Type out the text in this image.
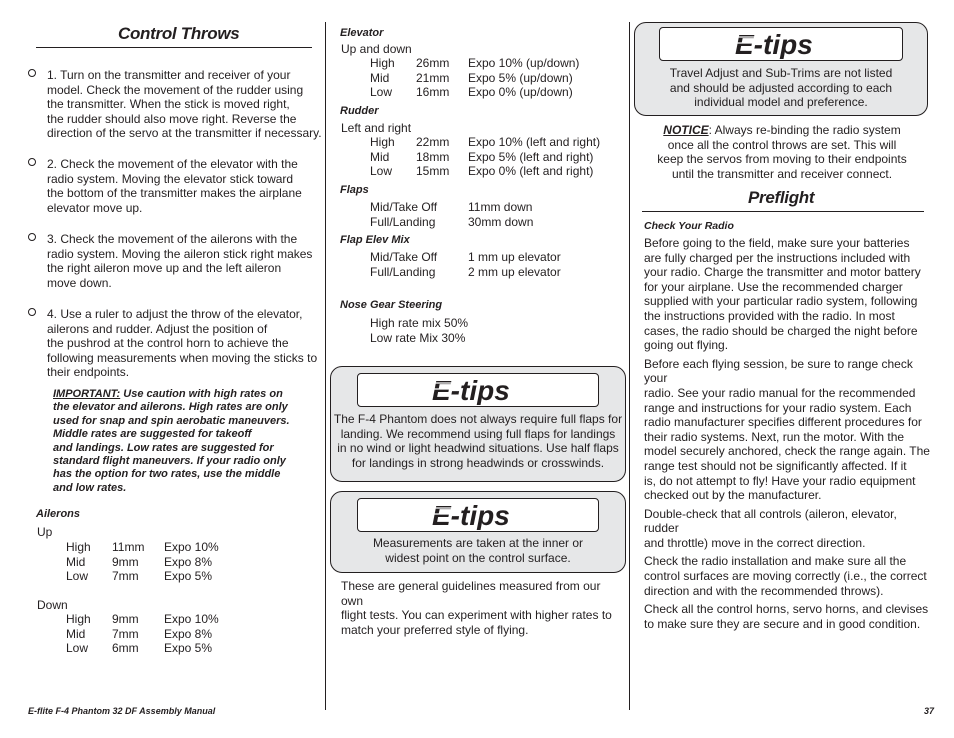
Control Throws
1. Turn on the transmitter and receiver of your
model. Check the movement of the rudder using
the transmitter. When the stick is moved right,
the rudder should also move right. Reverse the
direction of the servo at the transmitter if necessary.
2. Check the movement of the elevator with the
radio system. Moving the elevator stick toward
the bottom of the transmitter makes the airplane
elevator move up.
3. Check the movement of the ailerons with the
radio system. Moving the aileron stick right makes
the right aileron move up and the left aileron
move down.
4. Use a ruler to adjust the throw of the elevator,
ailerons and rudder. Adjust the position of
the pushrod at the control horn to achieve the
following measurements when moving the sticks to
their endpoints.
IMPORTANT: Use caution with high rates on
the elevator and ailerons. High rates are only
used for snap and spin aerobatic maneuvers.
Middle rates are suggested for takeoff
and landings. Low rates are suggested for
standard flight maneuvers. If your radio only
has the option for two rates, use the middle
and low rates.
Ailerons
Up
High	11mm	Expo 10%
Mid	9mm	Expo 8%
Low	7mm	Expo 5%
Down
High	9mm	Expo 10%
Mid	7mm	Expo 8%
Low	6mm	Expo 5%
Elevator
Up and down
High	26mm	Expo 10% (up/down)
Mid	21mm	Expo 5% (up/down)
Low	16mm	Expo 0% (up/down)
Rudder
Left and right
High	22mm	Expo 10% (left and right)
Mid	18mm	Expo 5% (left and right)
Low	15mm	Expo 0% (left and right)
Flaps
Mid/Take Off	11mm down
Full/Landing	30mm down
Flap Elev Mix
Mid/Take Off	1 mm up elevator
Full/Landing	2 mm up elevator
Nose Gear Steering
High rate mix 50%
Low rate Mix 30%
E-tips
The F-4 Phantom does not always require full flaps for
landing. We recommend using full flaps for landings
in no wind or light headwind situations. Use half flaps
for landings in strong headwinds or crosswinds.
E-tips
Measurements are taken at the inner or
widest point on the control surface.
These are general guidelines measured from our own
flight tests. You can experiment with higher rates to
match your preferred style of flying.
E-tips
Travel Adjust and Sub-Trims are not listed
and should be adjusted according to each
individual model and preference.
NOTICE: Always re-binding the radio system
once all the control throws are set. This will
keep the servos from moving to their endpoints
until the transmitter and receiver connect.
Preflight
Check Your Radio

Before going to the field, make sure your batteries

are fully charged per the instructions included with

your radio. Charge the transmitter and motor battery

for your airplane. Use the recommended charger

supplied with your particular radio system, following

the instructions provided with the radio. In most

cases, the radio should be charged the night before

going out flying.

Before each flying session, be sure to range check your

radio. See your radio manual for the recommended

range and instructions for your radio system. Each

radio manufacturer specifies different procedures for

their radio systems. Next, run the motor. With the

model securely anchored, check the range again. The

range test should not be significantly affected. If it

is, do not attempt to fly! Have your radio equipment

checked out by the manufacturer.

Double-check that all controls (aileron, elevator, rudder

and throttle) move in the correct direction.

Check the radio installation and make sure all the

control surfaces are moving correctly (i.e., the correct

direction and with the recommended throws).

Check all the control horns, servo horns, and clevises

to make sure they are secure and in good condition.

E-flite F-4 Phantom 32 DF Assembly Manual	37
